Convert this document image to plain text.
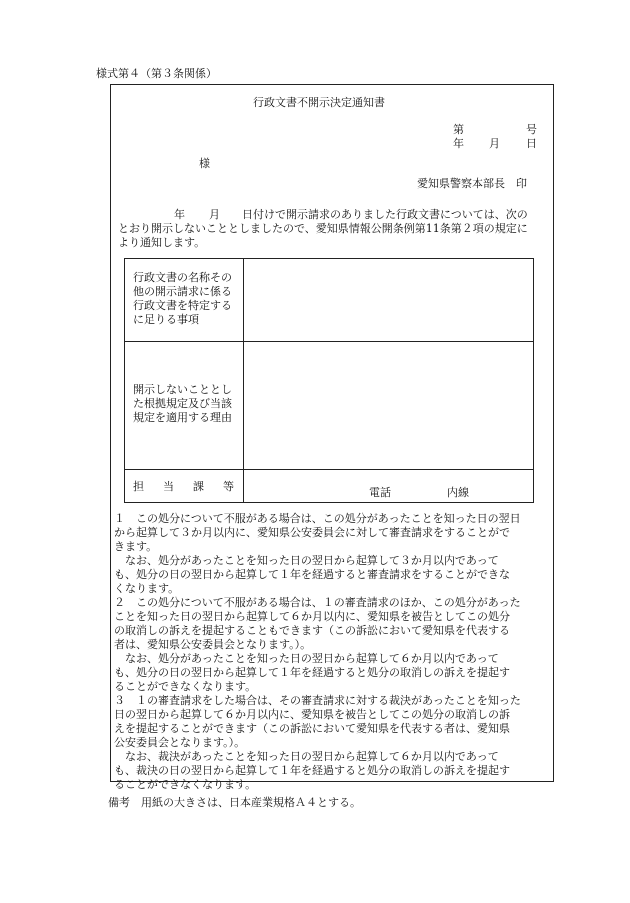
様式第４（第３条関係）
行政文書不開示決定通知書
第	号
年 月 日
様
愛知県警察本部長　印
年 月 日付けで開示請求のありました行政文書については、次の
とおり開示しないこととしましたので、愛知県情報公開条例第11条第２項の規定に
より通知します。
行政文書の名称その
他の開示請求に係る
行政文書を特定する
に足りる事項
開示しないこととし
た根拠規定及び当該
規定を適用する理由
担 当 課 等	電話	内線
１　この処分について不服がある場合は、この処分があったことを知った日の翌日
から起算して３か月以内に、愛知県公安委員会に対して審査請求をすることがで
きます。
　なお、処分があったことを知った日の翌日から起算して３か月以内であって
も、処分の日の翌日から起算して１年を経過すると審査請求をすることができな
くなります。
２　この処分について不服がある場合は、１の審査請求のほか、この処分があった
ことを知った日の翌日から起算して６か月以内に、愛知県を被告としてこの処分
の取消しの訴えを提起することもできます（この訴訟において愛知県を代表する
者は、愛知県公安委員会となります。）。
　なお、処分があったことを知った日の翌日から起算して６か月以内であって
も、処分の日の翌日から起算して１年を経過すると処分の取消しの訴えを提起す
ることができなくなります。
３　１の審査請求をした場合は、その審査請求に対する裁決があったことを知った
日の翌日から起算して６か月以内に、愛知県を被告としてこの処分の取消しの訴
えを提起することができます（この訴訟において愛知県を代表する者は、愛知県
公安委員会となります。）。
　なお、裁決があったことを知った日の翌日から起算して６か月以内であって
も、裁決の日の翌日から起算して１年を経過すると処分の取消しの訴えを提起す
ることができなくなります。
備考　用紙の大きさは、日本産業規格Ａ４とする。
